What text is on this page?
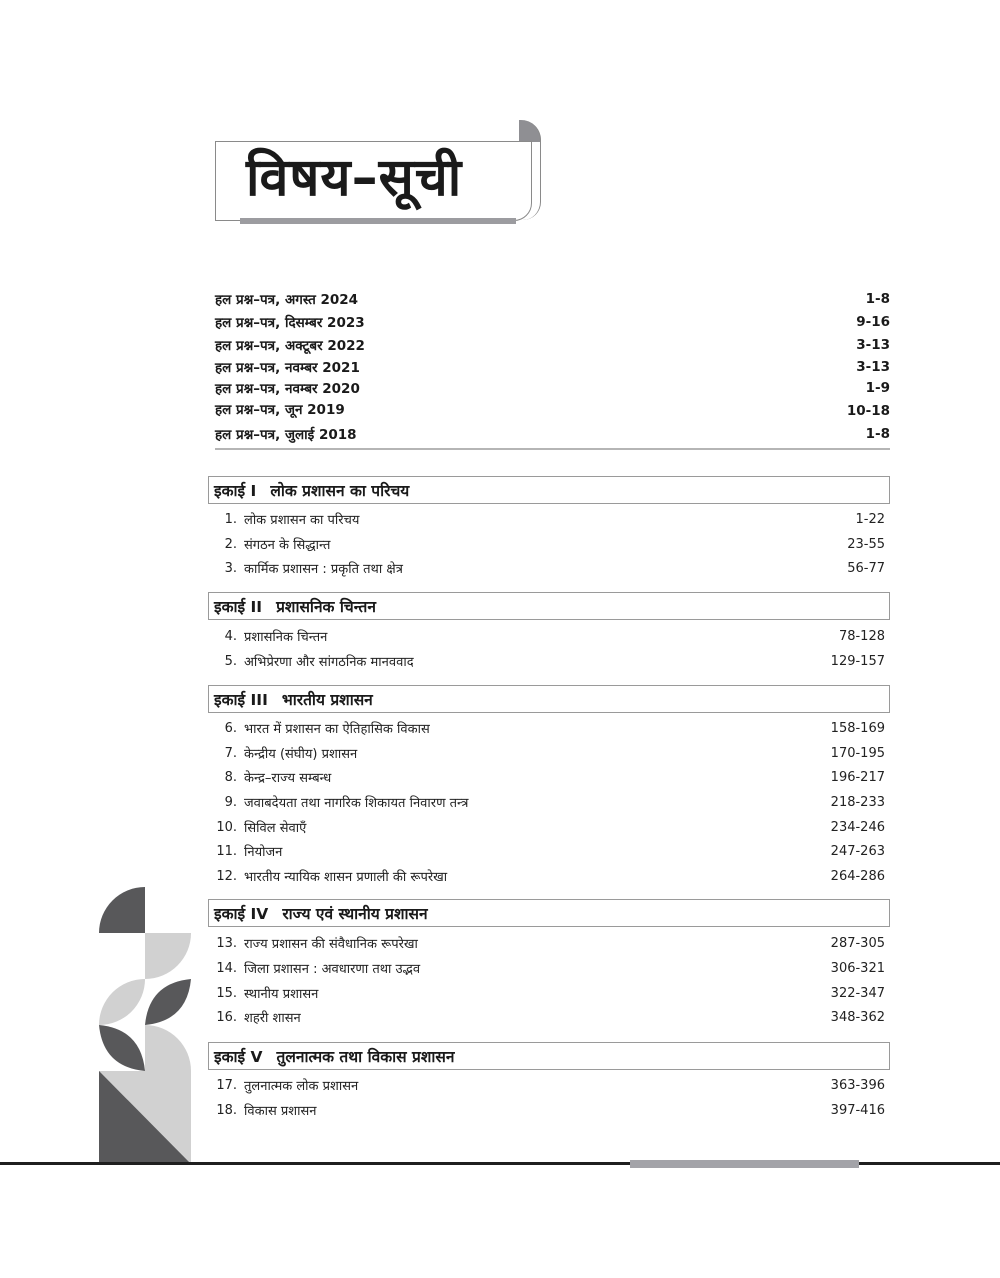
विषय–सूची
हल प्रश्न–पत्र, अगस्त 2024	1-8
हल प्रश्न–पत्र, दिसम्बर 2023	9-16
हल प्रश्न–पत्र, अक्टूबर 2022	3-13
हल प्रश्न–पत्र, नवम्बर 2021	3-13
हल प्रश्न–पत्र, नवम्बर 2020	1-9
हल प्रश्न–पत्र, जून 2019	10-18
हल प्रश्न–पत्र, जुलाई 2018	1-8
इकाई I लोक प्रशासन का परिचय
1. लोक प्रशासन का परिचय	1-22
2. संगठन के सिद्धान्त	23-55
3. कार्मिक प्रशासन : प्रकृति तथा क्षेत्र	56-77
इकाई II प्रशासनिक चिन्तन
4. प्रशासनिक चिन्तन	78-128
5. अभिप्रेरणा और सांगठनिक मानववाद	129-157
इकाई III भारतीय प्रशासन
6. भारत में प्रशासन का ऐतिहासिक विकास	158-169
7. केन्द्रीय (संघीय) प्रशासन	170-195
8. केन्द्र–राज्य सम्बन्ध	196-217
9. जवाबदेयता तथा नागरिक शिकायत निवारण तन्त्र	218-233
10. सिविल सेवाएँ	234-246
11. नियोजन	247-263
12. भारतीय न्यायिक शासन प्रणाली की रूपरेखा	264-286
इकाई IV राज्य एवं स्थानीय प्रशासन
13. राज्य प्रशासन की संवैधानिक रूपरेखा	287-305
14. जिला प्रशासन : अवधारणा तथा उद्भव	306-321
15. स्थानीय प्रशासन	322-347
16. शहरी शासन	348-362
इकाई V तुलनात्मक तथा विकास प्रशासन
17. तुलनात्मक लोक प्रशासन	363-396
18. विकास प्रशासन	397-416
